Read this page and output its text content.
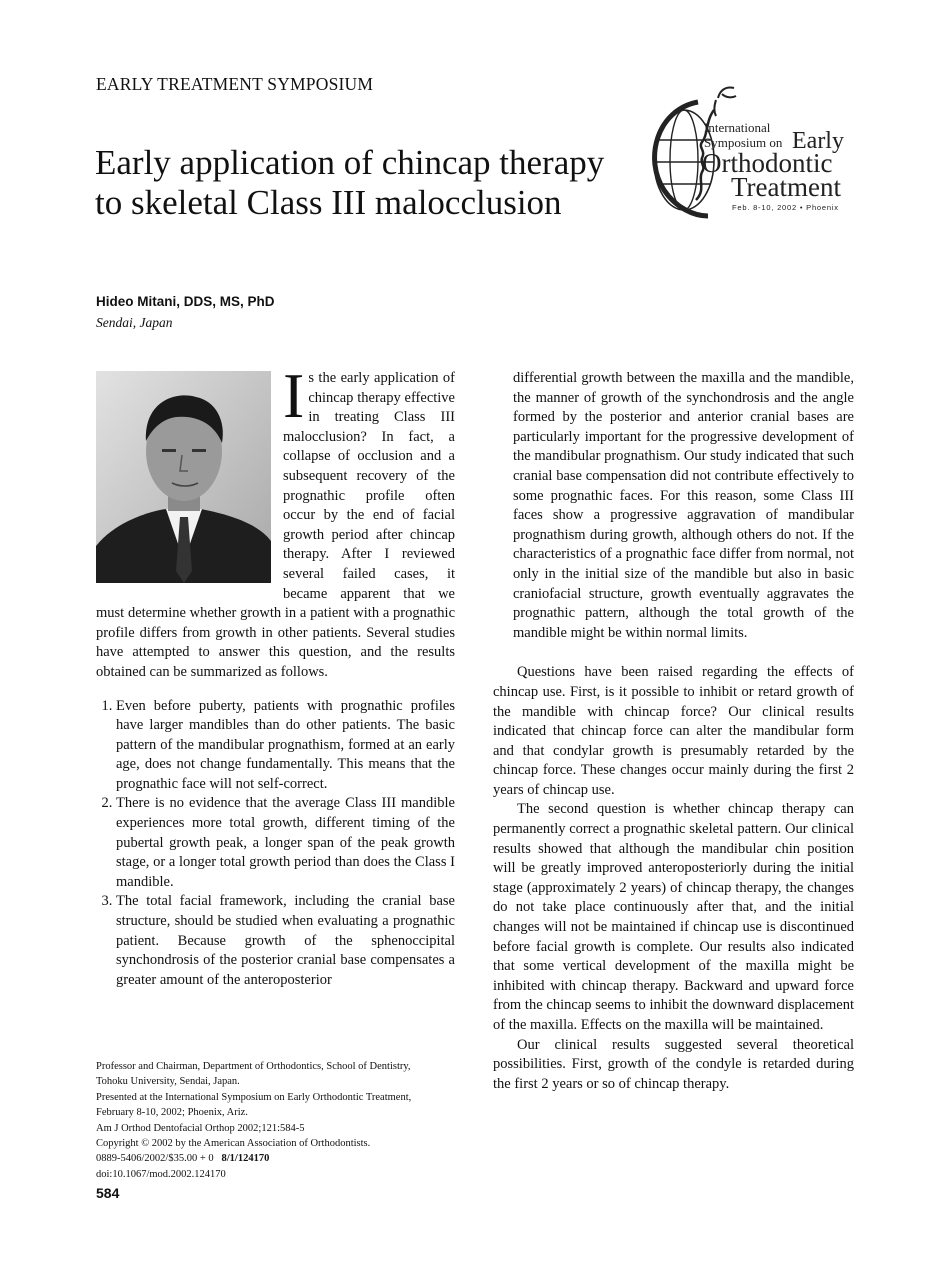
EARLY TREATMENT SYMPOSIUM
Early application of chincap therapy to skeletal Class III malocclusion
Hideo Mitani, DDS, MS, PhD
Sendai, Japan
International
Symposium on Early
Orthodontic
Treatment
Feb. 8-10, 2002 • Phoenix

Is the early application of chincap therapy effective in treating Class III malocclusion? In fact, a collapse of occlusion and a subsequent recovery of the prognathic profile often occur by the end of facial growth period after chincap therapy. After I reviewed several failed cases, it became apparent that we must determine whether growth in a patient with a prognathic profile differs from growth in other patients. Several studies have attempted to answer this question, and the results obtained can be summarized as follows.

1. Even before puberty, patients with prognathic profiles have larger mandibles than do other patients. The basic pattern of the mandibular prognathism, formed at an early age, does not change fundamentally. This means that the prognathic face will not self-correct.
2. There is no evidence that the average Class III mandible experiences more total growth, different timing of the pubertal growth peak, a longer span of the peak growth stage, or a longer total growth period than does the Class I mandible.
3. The total facial framework, including the cranial base structure, should be studied when evaluating a prognathic patient. Because growth of the sphenoccipital synchondrosis of the posterior cranial base compensates a greater amount of the anteroposterior

differential growth between the maxilla and the mandible, the manner of growth of the synchondrosis and the angle formed by the posterior and anterior cranial bases are particularly important for the progressive development of the mandibular prognathism. Our study indicated that such cranial base compensation did not contribute effectively to some prognathic faces. For this reason, some Class III faces show a progressive aggravation of mandibular prognathism during growth, although others do not. If the characteristics of a prognathic face differ from normal, not only in the initial size of the mandible but also in basic craniofacial structure, growth eventually aggravates the prognathic pattern, although the total growth of the mandible might be within normal limits.

Questions have been raised regarding the effects of chincap use. First, is it possible to inhibit or retard growth of the mandible with chincap force? Our clinical results indicated that chincap force can alter the mandibular form and that condylar growth is presumably retarded by the chincap force. These changes occur mainly during the first 2 years of chincap use.

The second question is whether chincap therapy can permanently correct a prognathic skeletal pattern. Our clinical results showed that although the mandibular chin position will be greatly improved anteroposteriorly during the initial stage (approximately 2 years) of chincap therapy, the changes do not take place continuously after that, and the initial changes will not be maintained if chincap use is discontinued before facial growth is complete. Our results also indicated that some vertical development of the maxilla might be inhibited with chincap therapy. Backward and upward force from the chincap seems to inhibit the downward displacement of the maxilla. Effects on the maxilla will be maintained.

Our clinical results suggested several theoretical possibilities. First, growth of the condyle is retarded during the first 2 years or so of chincap therapy.

Professor and Chairman, Department of Orthodontics, School of Dentistry,
Tohoku University, Sendai, Japan.
Presented at the International Symposium on Early Orthodontic Treatment,
February 8-10, 2002; Phoenix, Ariz.
Am J Orthod Dentofacial Orthop 2002;121:584-5
Copyright © 2002 by the American Association of Orthodontists.
0889-5406/2002/$35.00 + 0 8/1/124170
doi:10.1067/mod.2002.124170
584
